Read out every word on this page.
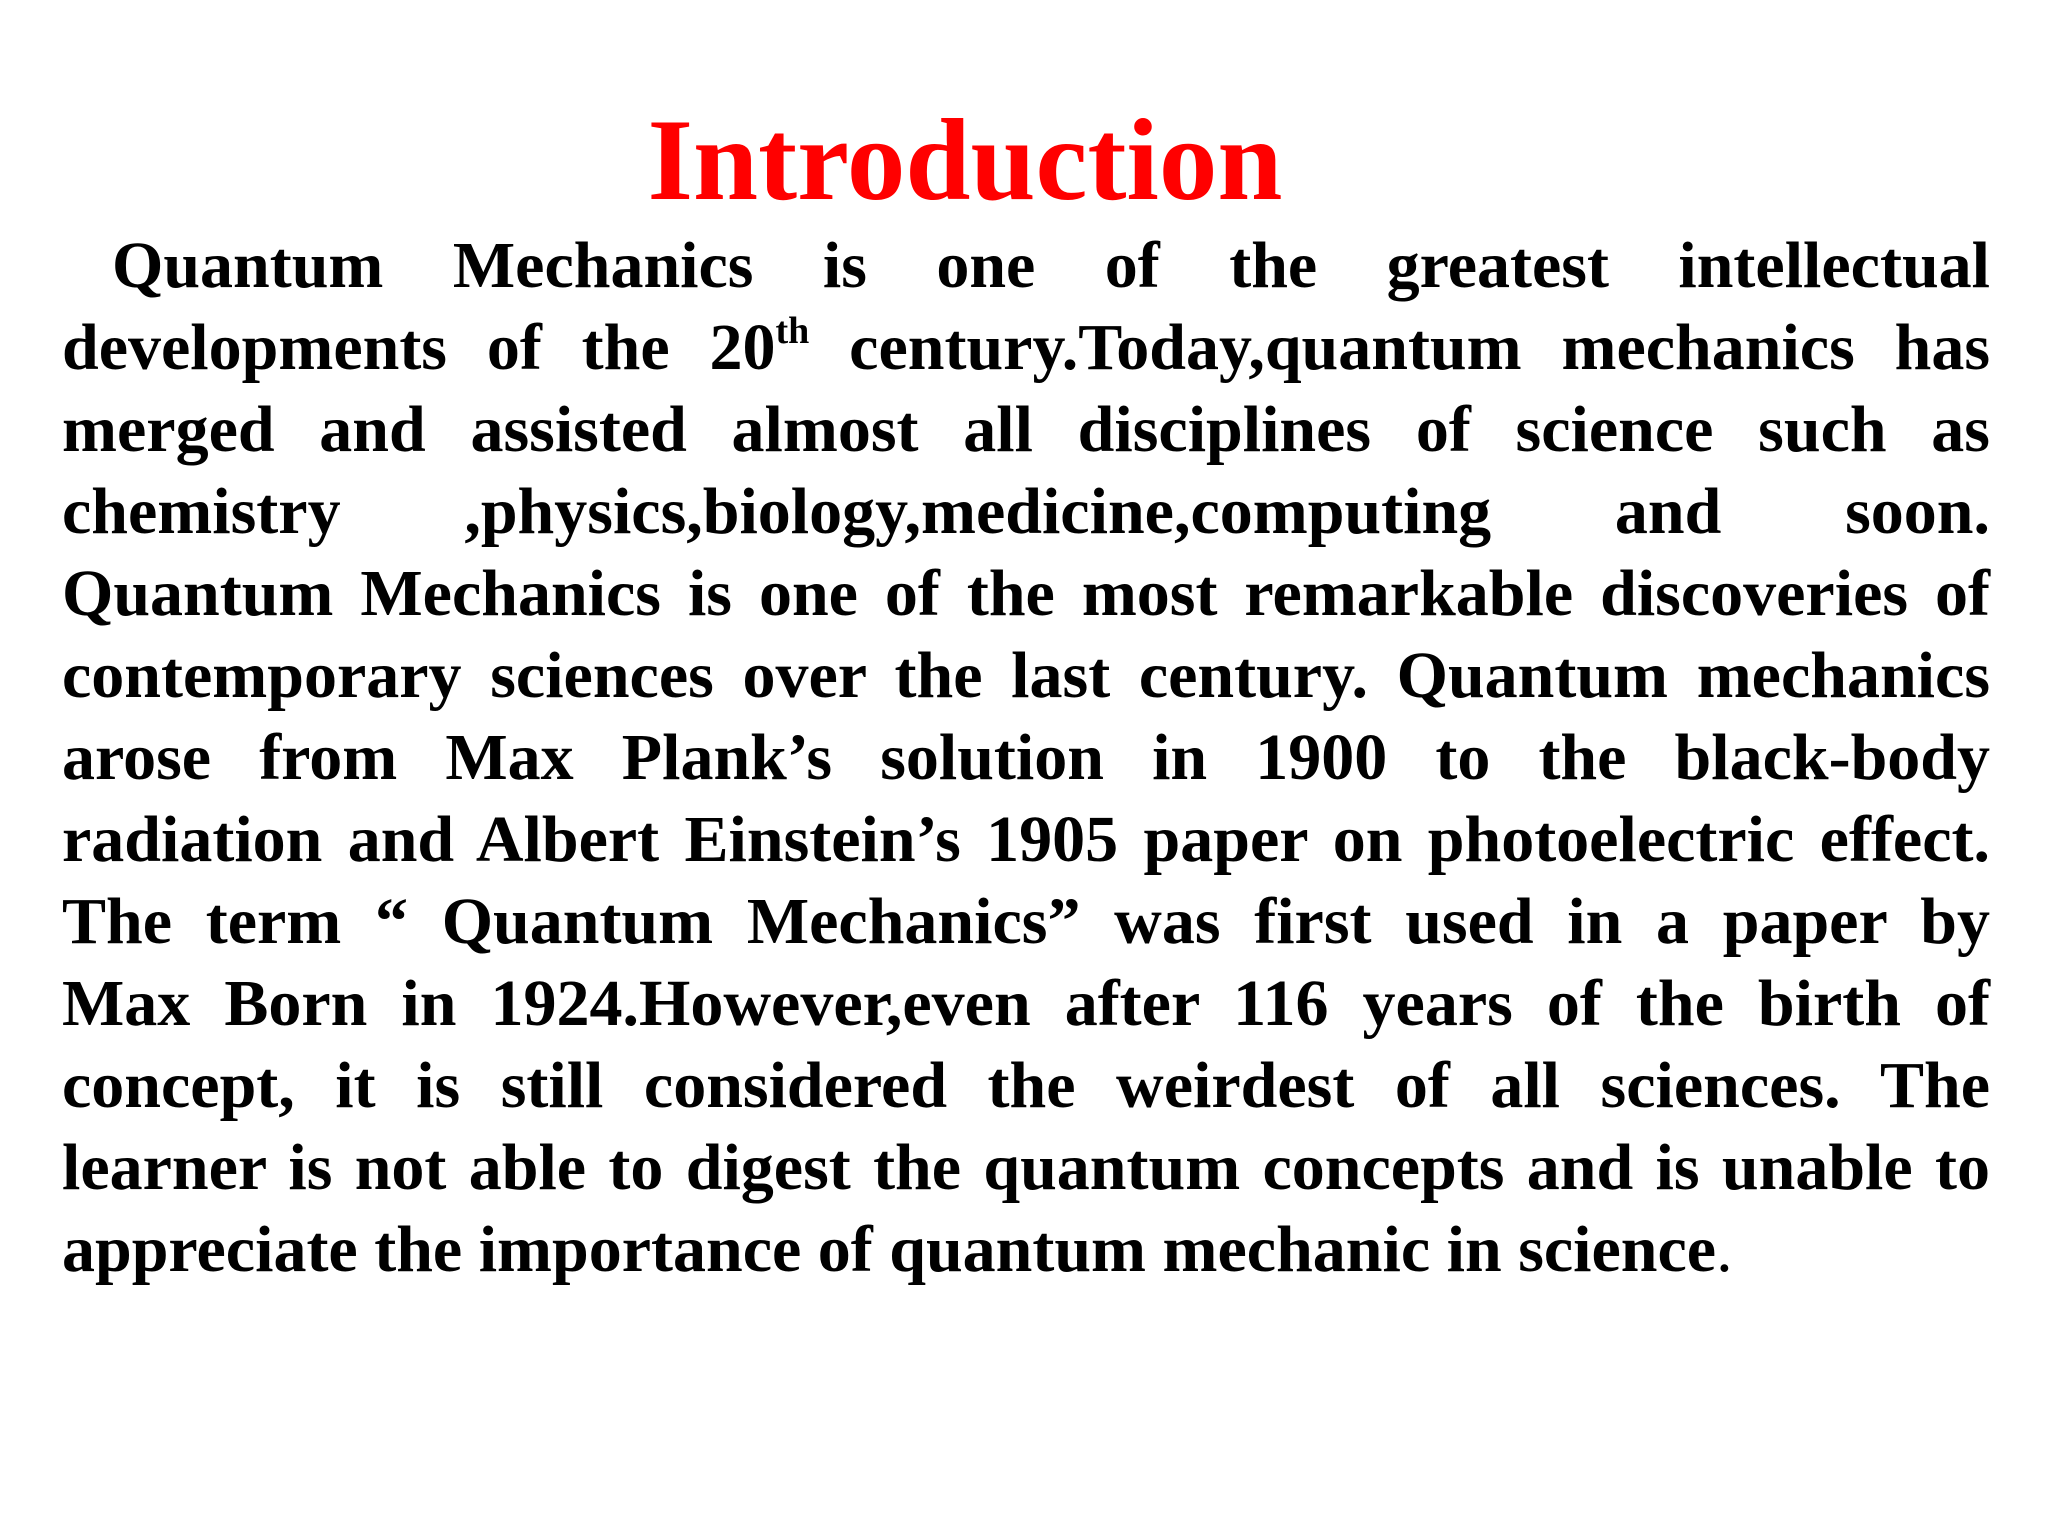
Introduction
Quantum Mechanics is one of the greatest intellectual
developments of the 20th century.Today,quantum mechanics has
merged and assisted almost all disciplines of science such as
chemistry ,physics,biology,medicine,computing and soon.
Quantum Mechanics is one of the most remarkable discoveries of
contemporary sciences over the last century. Quantum mechanics
arose from Max Plank’s solution in 1900 to the black-body
radiation and Albert Einstein’s 1905 paper on photoelectric effect.
The term “ Quantum Mechanics” was first used in a paper by
Max Born in 1924.However,even after 116 years of the birth of
concept, it is still considered the weirdest of all sciences. The
learner is not able to digest the quantum concepts and is unable to
appreciate the importance of quantum mechanic in science.
